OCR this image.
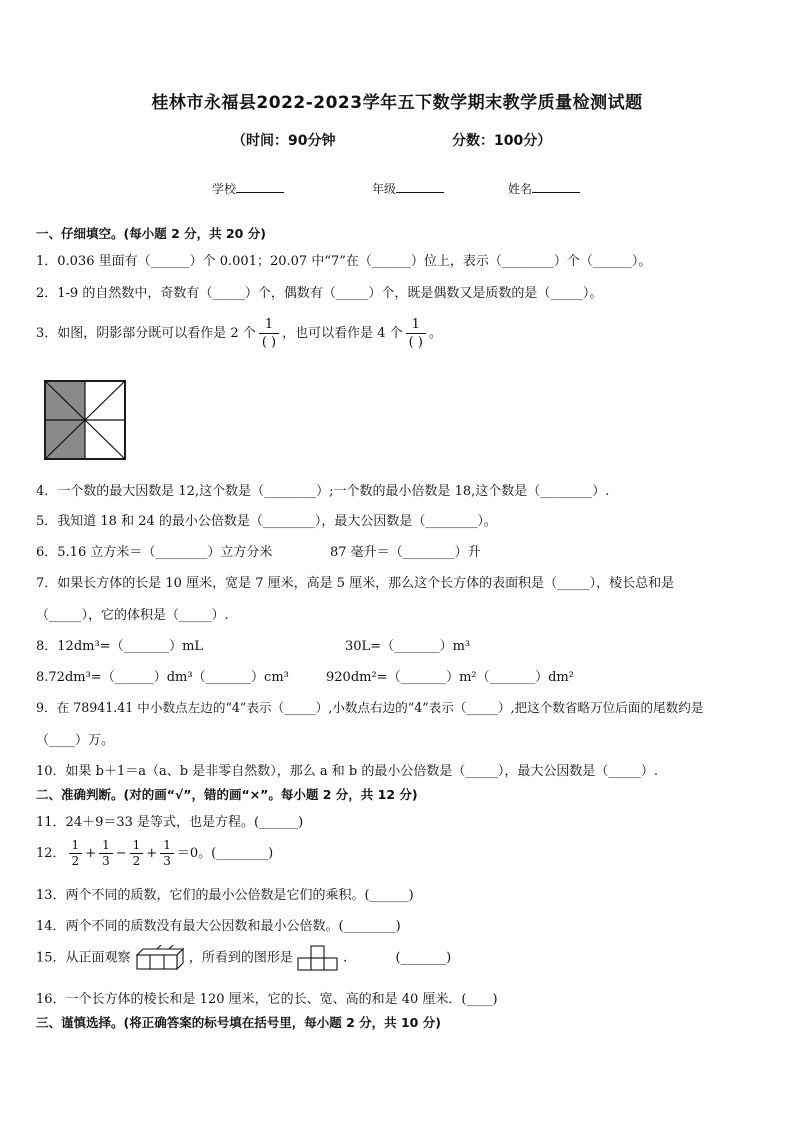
桂林市永福县2022-2023学年五下数学期末教学质量检测试题
（时间：90分钟	分数：100分）
学校	年级	姓名
一、仔细填空。(每小题 2 分，共 20 分)
1．0.036 里面有（______）个 0.001；20.07 中“7”在（______）位上，表示（________）个（______）。
2．1-9 的自然数中，奇数有（_____）个，偶数有（_____）个，既是偶数又是质数的是（_____）。
3．如图，阴影部分既可以看作是 2 个 $\frac{1}{( )}$ ，也可以看作是 4 个 $\frac{1}{( )}$ 。
4．一个数的最大因数是 12,这个数是（________）;一个数的最小倍数是 18,这个数是（________）.
5．我知道 18 和 24 的最小公倍数是（________），最大公因数是（________）。
6．5.16 立方米＝（________）立方分米	87 毫升＝（________）升
7．如果长方体的长是 10 厘米，宽是 7 厘米，高是 5 厘米，那么这个长方体的表面积是（_____），棱长总和是
（_____），它的体积是（_____）.
8．12dm³=（_______）mL	30L=（_______）m³
8.72dm³=（______）dm³（_______）cm³	920dm²=（_______）m²（_______）dm²
9．在 78941.41 中小数点左边的“4”表示（_____）,小数点右边的“4”表示（_____）,把这个数省略万位后面的尾数约是
（____）万。
10．如果 b＋1＝a（a、b 是非零自然数），那么 a 和 b 的最小公倍数是（_____），最大公因数是（_____）.
二、准确判断。(对的画“√”，错的画“×”。每小题 2 分，共 12 分)
11．24＋9＝33 是等式，也是方程。(______)
12． $\frac{1}{2} + \frac{1}{3} - \frac{1}{2} + \frac{1}{3} =0$。(________)
13．两个不同的质数，它们的最小公倍数是它们的乘积。(______)
14．两个不同的质数没有最大公因数和最小公倍数。(________)
15．从正面观察	，所看到的图形是	.	(_______)
16．一个长方体的棱长和是 120 厘米，它的长、宽、高的和是 40 厘米．(____)
三、谨慎选择。(将正确答案的标号填在括号里，每小题 2 分，共 10 分)
